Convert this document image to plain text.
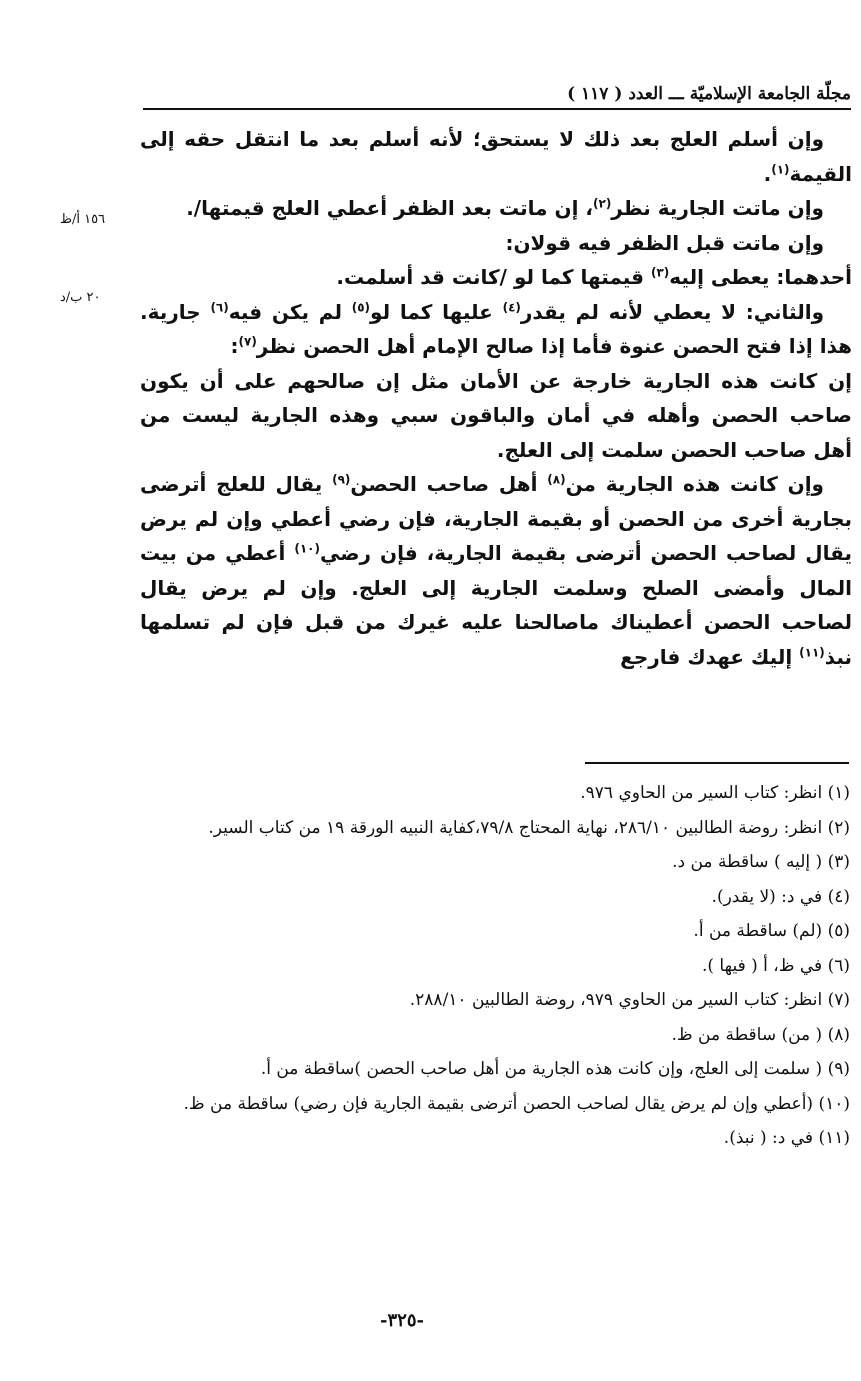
مجلّة الجامعة الإسلاميّة ـــ العدد ( ١١٧ )
١٥٦ أ/ظ
٢٠ ب/د

وإن أسلم العلج بعد ذلك لا يستحق؛ لأنه أسلم بعد ما انتقل حقه إلى القيمة$^{(١)}$.

وإن ماتت الجارية نظر$^{(٢)}$، إن ماتت بعد الظفر أعطي العلج قيمتها/.

وإن ماتت قبل الظفر فيه قولان:

أحدهما: يعطى إليه$^{(٣)}$ قيمتها كما لو /كانت قد أسلمت.

والثاني: لا يعطي لأنه لم يقدر$^{(٤)}$ عليها كما لو$^{(٥)}$ لم يكن فيه$^{(٦)}$ جارية. هذا إذا فتح الحصن عنوة فأما إذا صالح الإمام أهل الحصن نظر$^{(٧)}$:

إن كانت هذه الجارية خارجة عن الأمان مثل إن صالحهم على أن يكون صاحب الحصن وأهله في أمان والباقون سبي وهذه الجارية ليست من أهل صاحب الحصن سلمت إلى العلج.

وإن كانت هذه الجارية من$^{(٨)}$ أهل صاحب الحصن$^{(٩)}$ يقال للعلج أترضى بجارية أخرى من الحصن أو بقيمة الجارية، فإن رضي أعطي وإن لم يرض يقال لصاحب الحصن أترضى بقيمة الجارية، فإن رضي$^{(١٠)}$ أعطي من بيت المال وأمضى الصلح وسلمت الجارية إلى العلج. وإن لم يرض يقال لصاحب الحصن أعطيناك ماصالحنا عليه غيرك من قبل فإن لم تسلمها نبذ$^{(١١)}$ إليك عهدك فارجع

(١) انظر: كتاب السير من الحاوي ٩٧٦.

(٢) انظر: روضة الطالبين ٢٨٦/١٠، نهاية المحتاج ٧٩/٨،كفاية النبيه الورقة ١٩ من كتاب السير.

(٣) ( إليه ) ساقطة من د.

(٤) في د: (لا يقدر).

(٥) (لم) ساقطة من أ.

(٦) في ظ، أ ( فيها ).

(٧) انظر: كتاب السير من الحاوي ٩٧٩، روضة الطالبين ٢٨٨/١٠.

(٨) ( من) ساقطة من ظ.

(٩) ( سلمت إلى العلج، وإن كانت هذه الجارية من أهل صاحب الحصن )ساقطة من أ.

(١٠) (أعطي وإن لم يرض يقال لصاحب الحصن أترضى بقيمة الجارية فإن رضي) ساقطة من ظ.

(١١) في د: ( نبذ).

-٣٢٥-
